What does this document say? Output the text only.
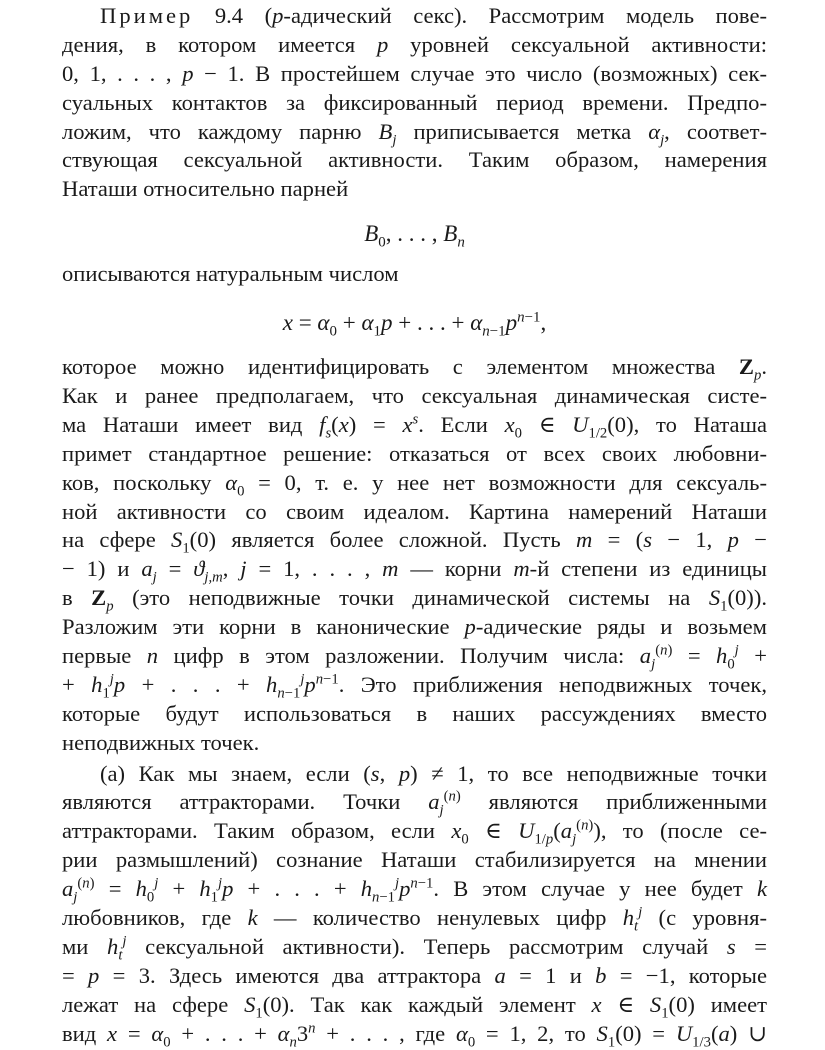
Пример 9.4 (p-адический секс). Рассмотрим модель пове-
дения, в котором имеется p уровней сексуальной активности:
0, 1, . . . , p − 1. В простейшем случае это число (возможных) сек-
суальных контактов за фиксированный период времени. Предпо-
ложим, что каждому парню $B_j$ приписывается метка $\alpha_j$, соответ-
ствующая сексуальной активности. Таким образом, намерения
Наташи относительно парней
$B_0$, . . . , $B_n$
описываются натуральным числом
$x = \alpha_0 + \alpha_1p$ + . . . + $\alpha_{n-1}p^{n-1}$,
которое можно идентифицировать с элементом множества $Z_p$.
Как и ранее предполагаем, что сексуальная динамическая систе-
ма Наташи имеет вид $f_s(x) = x^s$. Если $x_0$ ∈ $U_{1/2}(0)$, то Наташа
примет стандартное решение: отказаться от всех своих любовни-
ков, поскольку $\alpha_0 = 0$, т. е. у нее нет возможности для сексуаль-
ной активности со своим идеалом. Картина намерений Наташи
на сфере $S_1(0)$ является более сложной. Пусть m = (s − 1, p −
− 1) и $a_j = ϑ_{j,m}$, j = 1, . . . , m — корни m-й степени из единицы
в $Z_p$ (это неподвижные точки динамической системы на $S_1(0)$).
Разложим эти корни в канонические p-адические ряды и возьмем
первые n цифр в этом разложении. Получим числа: $a_j^{(n)} = h_0^j$ +
+ $h_1^jp$ + . . . + $h_{n-1}^jp^{n-1}$. Это приближения неподвижных точек,
которые будут использоваться в наших рассуждениях вместо
неподвижных точек.
(a) Как мы знаем, если (s, p) ≠ 1, то все неподвижные точки
являются аттракторами. Точки $a_j^{(n)}$ являются приближенными
аттракторами. Таким образом, если $x_0$ ∈ $U_{1/p}(a_j^{(n)})$, то (после се-
рии размышлений) сознание Наташи стабилизируется на мнении
$a_j^{(n)} = h_0^j + h_1^jp$ + . . . + $h_{n-1}^jp^{n-1}$. В этом случае у нее будет k
любовников, где k — количество ненулевых цифр $h_t^j$ (с уровня-
ми $h_t^j$ сексуальной активности). Теперь рассмотрим случай s =
= p = 3. Здесь имеются два аттрактора a = 1 и b = −1, которые
лежат на сфере $S_1(0)$. Так как каждый элемент x ∈ $S_1(0)$ имеет
вид $x = \alpha_0$ + . . . + $\alpha_n3^n$ + . . . , где $\alpha_0 = 1$, 2, то $S_1(0) = U_{1/3}(a)$ ∪
